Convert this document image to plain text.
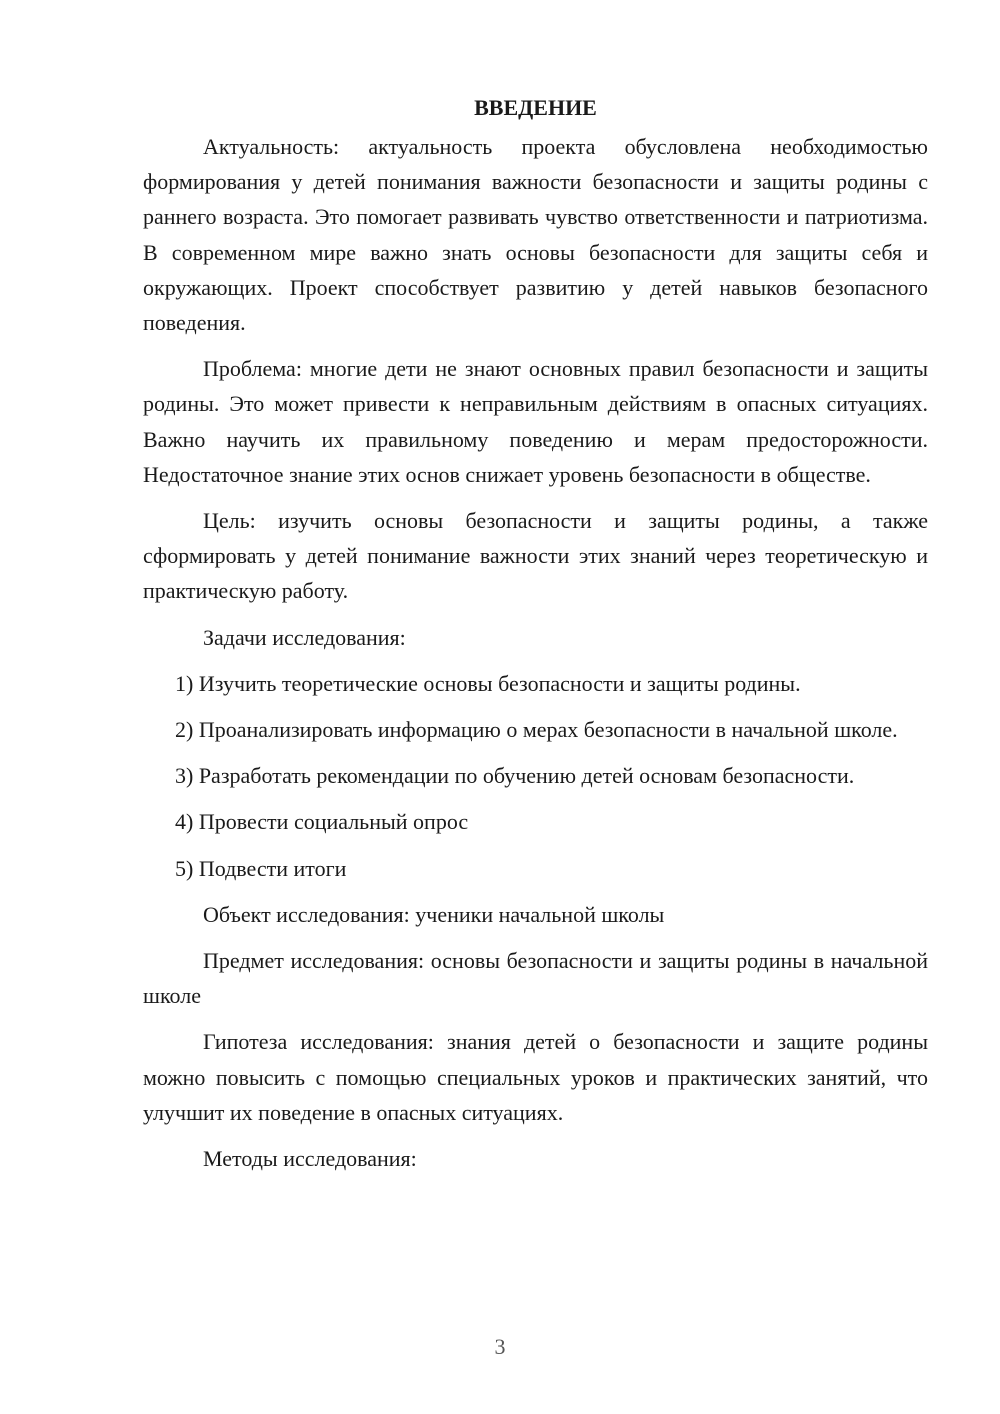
ВВЕДЕНИЕ

Актуальность: актуальность проекта обусловлена необходимостью формирования у детей понимания важности безопасности и защиты родины с раннего возраста. Это помогает развивать чувство ответственности и патриотизма. В современном мире важно знать основы безопасности для защиты себя и окружающих. Проект способствует развитию у детей навыков безопасного поведения.

Проблема: многие дети не знают основных правил безопасности и защиты родины. Это может привести к неправильным действиям в опасных ситуациях. Важно научить их правильному поведению и мерам предосторожности. Недостаточное знание этих основ снижает уровень безопасности в обществе.

Цель: изучить основы безопасности и защиты родины, а также сформировать у детей понимание важности этих знаний через теоретическую и практическую работу.

Задачи исследования:

1) Изучить теоретические основы безопасности и защиты родины.

2) Проанализировать информацию о мерах безопасности в начальной школе.

3) Разработать рекомендации по обучению детей основам безопасности.

4) Провести социальный опрос

5) Подвести итоги

Объект исследования: ученики начальной школы

Предмет исследования: основы безопасности и защиты родины в начальной школе

Гипотеза исследования: знания детей о безопасности и защите родины можно повысить с помощью специальных уроков и практических занятий, что улучшит их поведение в опасных ситуациях.

Методы исследования:

3
